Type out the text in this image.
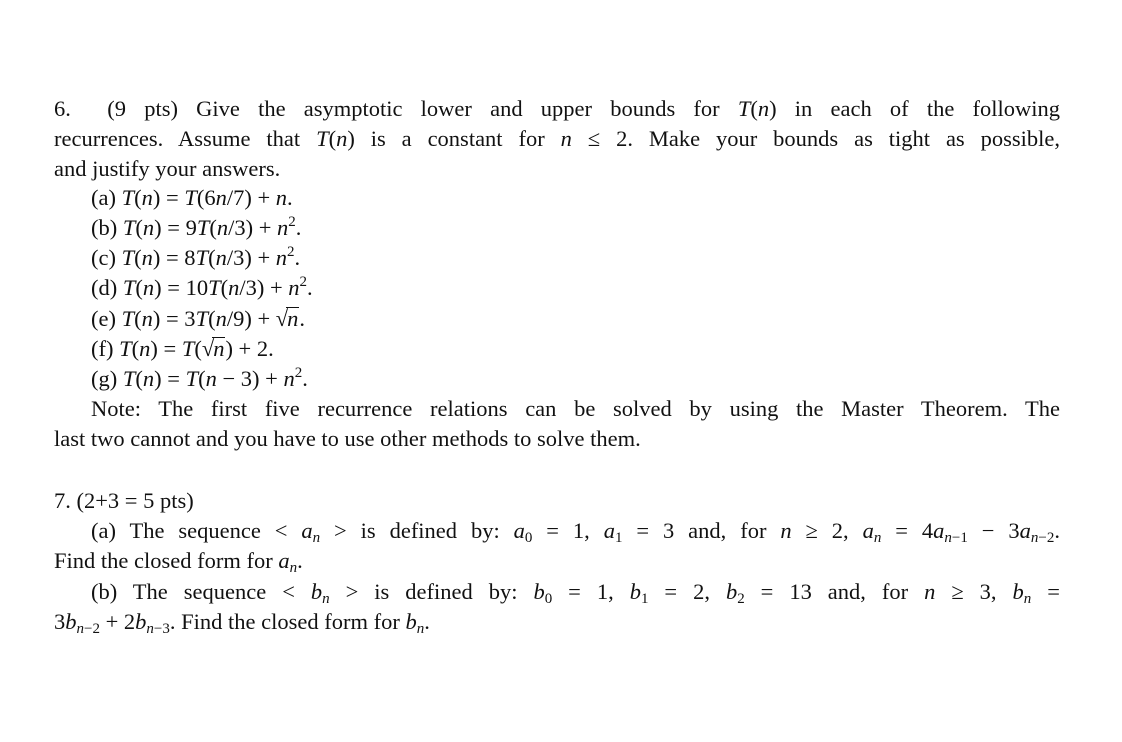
6.  (9 pts) Give the asymptotic lower and upper bounds for T(n) in each of the following
recurrences. Assume that T(n) is a constant for n ≤ 2. Make your bounds as tight as possible,
and justify your answers.
(a) T(n) = T(6n/7) + n.
(b) $T(n) = 9T(n/3) + n^2$.
(c) $T(n) = 8T(n/3) + n^2$.
(d) $T(n) = 10T(n/3) + n^2$.
(e) T(n) = 3T(n/9) + √n.
(f) T(n) = T(√n) + 2.
(g) $T(n) = T(n - 3) + n^2$.
Note: The first five recurrence relations can be solved by using the Master Theorem. The
last two cannot and you have to use other methods to solve them.
7. (2+3 = 5 pts)
(a) The sequence < $a_n$ > is defined by: $a_0 = 1$, $a_1 = 3$ and, for n ≥ 2, $a_n = 4a_{n-1} - 3a_{n-2}$.
Find the closed form for $a_n$.
(b) The sequence < $b_n$ > is defined by: $b_0 = 1$, $b_1 = 2$, $b_2 = 13$ and, for n ≥ 3, $b_n$ =
$3b_{n-2} + 2b_{n-3}$. Find the closed form for $b_n$.
